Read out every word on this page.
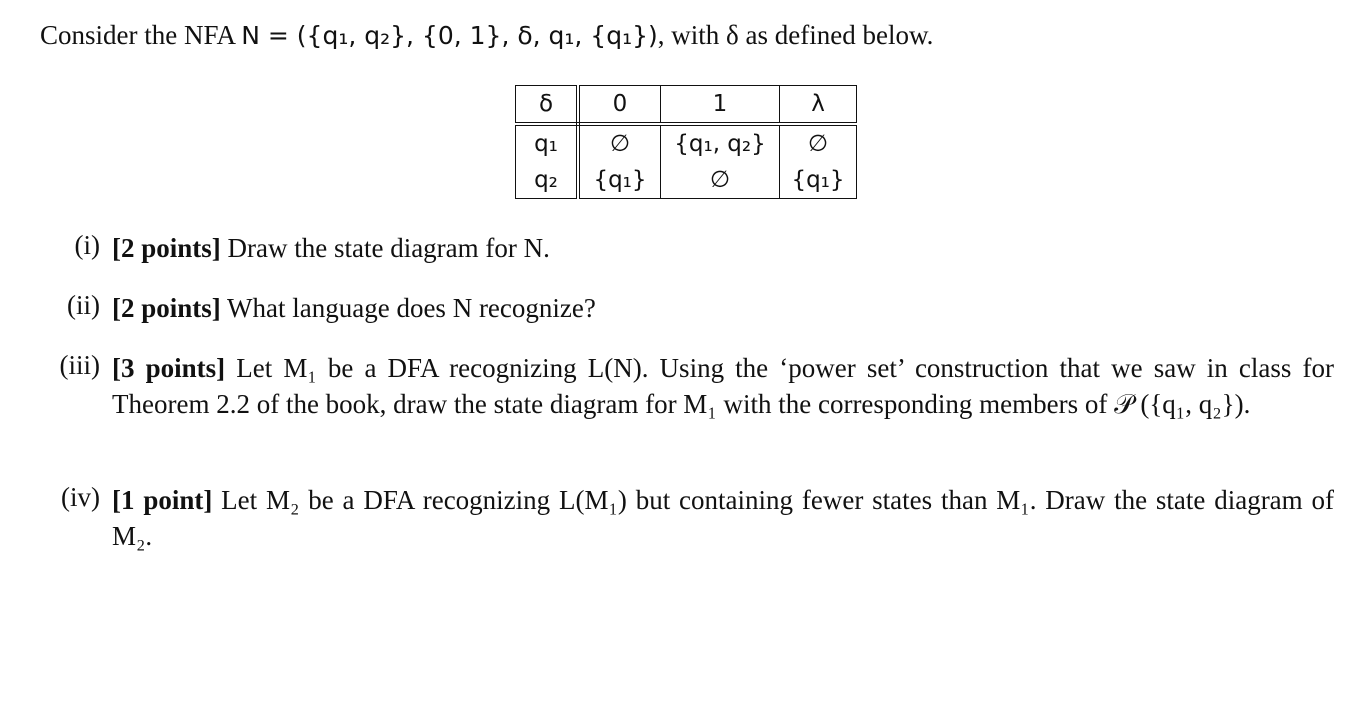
Consider the NFA N = ({q₁, q₂}, {0, 1}, δ, q₁, {q₁}), with δ as defined below.
δ	0	1	λ
q₁	∅	{q₁, q₂}	∅
q₂	{q₁}	∅	{q₁}
(i) [2 points] Draw the state diagram for N.
(ii) [2 points] What language does N recognize?
(iii) [3 points] Let M₁ be a DFA recognizing L(N). Using the ‘power set’ construction that we saw in class for Theorem 2.2 of the book, draw the state diagram for M₁ with the corresponding members of 𝒫 ({q₁, q₂}).
(iv) [1 point] Let M₂ be a DFA recognizing L(M₁) but containing fewer states than M₁. Draw the state diagram of M₂.
